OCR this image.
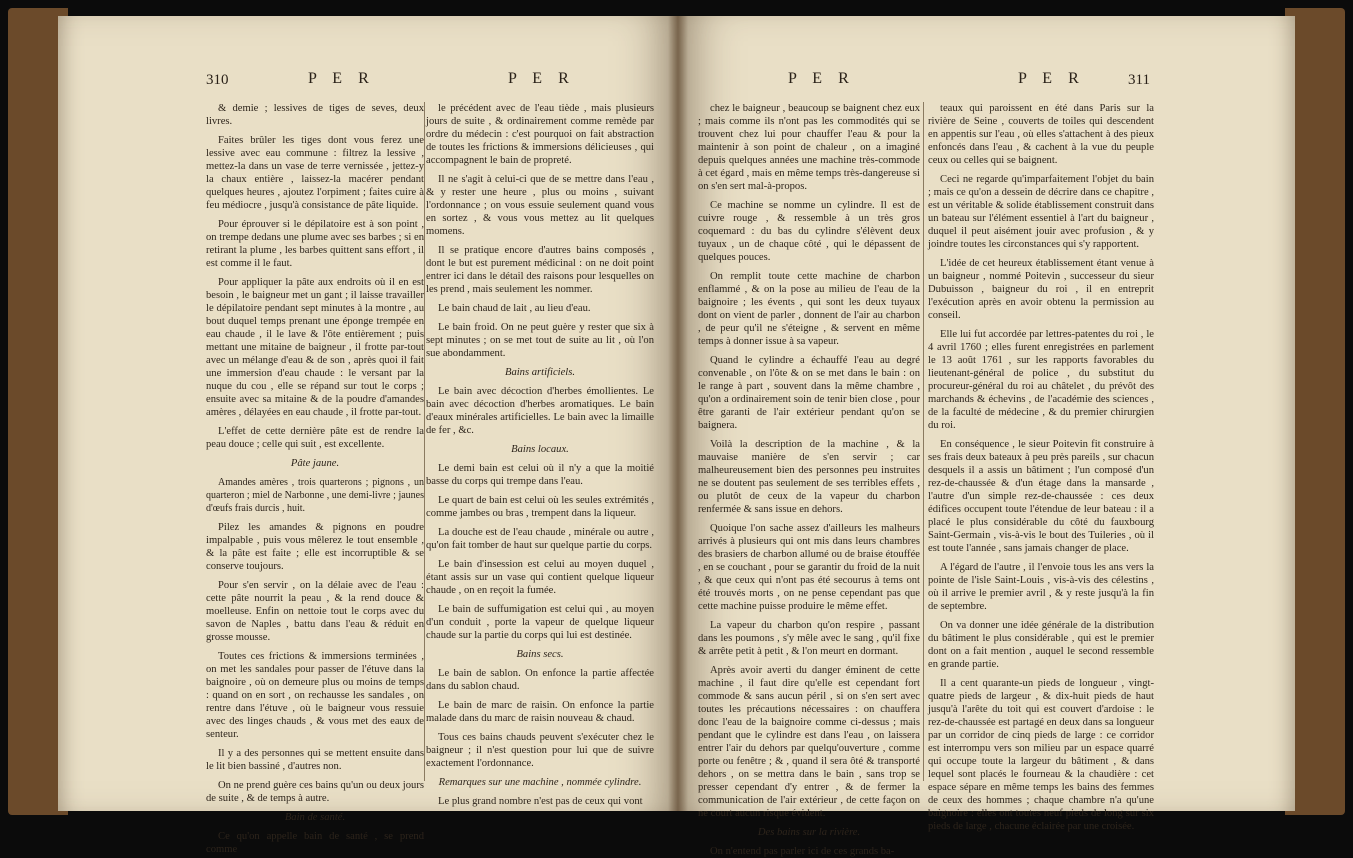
310	P E R	P E R

& demie ; lessives de tiges de seves, deux livres.

Faites brûler les tiges dont vous ferez une lessive avec eau commune : filtrez la lessive , mettez-la dans un vase de terre vernissée , jettez-y la chaux entière , laissez-la macérer pendant quelques heures , ajoutez l'orpiment ; faites cuire à feu médiocre , jusqu'à consistance de pâte liquide.

Pour éprouver si le dépilatoire est à son point , on trempe dedans une plume avec ses barbes ; si en retirant la plume , les barbes quittent sans effort , il est comme il le faut.

Pour appliquer la pâte aux endroits où il en est besoin , le baigneur met un gant ; il laisse travailler le dépilatoire pendant sept minutes à la montre , au bout duquel temps prenant une éponge trempée en eau chaude , il le lave & l'ôte entièrement ; puis mettant une mitaine de baigneur , il frotte par-tout avec un mélange d'eau & de son , après quoi il fait une immersion d'eau chaude : le versant par la nuque du cou , elle se répand sur tout le corps ; ensuite avec sa mitaine & de la poudre d'amandes amères , délayées en eau chaude , il frotte par-tout.

L'effet de cette dernière pâte est de rendre la peau douce ; celle qui suit , est excellente.

Pâte jaune.

Amandes amères , trois quarterons ; pignons , un quarteron ; miel de Narbonne , une demi-livre ; jaunes d'œufs frais durcis , huit.

Pilez les amandes & pignons en poudre impalpable , puis vous mêlerez le tout ensemble , & la pâte est faite ; elle est incorruptible & se conserve toujours.

Pour s'en servir , on la délaie avec de l'eau : cette pâte nourrit la peau , & la rend douce & moelleuse. Enfin on nettoie tout le corps avec du savon de Naples , battu dans l'eau & réduit en grosse mousse.

Toutes ces frictions & immersions terminées , on met les sandales pour passer de l'étuve dans la baignoire , où on demeure plus ou moins de temps : quand on en sort , on rechausse les sandales , on rentre dans l'étuve , où le baigneur vous ressuie avec des linges chauds , & vous met des eaux de senteur.

Il y a des personnes qui se mettent ensuite dans le lit bien bassiné , d'autres non.

On ne prend guère ces bains qu'un ou deux jours de suite , & de temps à autre.

Bain de santé.

Ce qu'on appelle bain de santé , se prend comme

le précédent avec de l'eau tiède , mais plusieurs jours de suite , & ordinairement comme remède par ordre du médecin : c'est pourquoi on fait abstraction de toutes les frictions & immersions délicieuses , qui accompagnent le bain de propreté.

Il ne s'agit à celui-ci que de se mettre dans l'eau , & y rester une heure , plus ou moins , suivant l'ordonnance ; on vous essuie seulement quand vous en sortez , & vous vous mettez au lit quelques momens.

Il se pratique encore d'autres bains composés , dont le but est purement médicinal : on ne doit point entrer ici dans le détail des raisons pour lesquelles on les prend , mais seulement les nommer.

Le bain chaud de lait , au lieu d'eau.

Le bain froid. On ne peut guère y rester que six à sept minutes ; on se met tout de suite au lit , où l'on sue abondamment.

Bains artificiels.

Le bain avec décoction d'herbes émollientes. Le bain avec décoction d'herbes aromatiques. Le bain d'eaux minérales artificielles. Le bain avec la limaille de fer , &c.

Bains locaux.

Le demi bain est celui où il n'y a que la moitié basse du corps qui trempe dans l'eau.

Le quart de bain est celui où les seules extrémités , comme jambes ou bras , trempent dans la liqueur.

La douche est de l'eau chaude , minérale ou autre , qu'on fait tomber de haut sur quelque partie du corps.

Le bain d'insession est celui au moyen duquel , étant assis sur un vase qui contient quelque liqueur chaude , on en reçoit la fumée.

Le bain de suffumigation est celui qui , au moyen d'un conduit , porte la vapeur de quelque liqueur chaude sur la partie du corps qui lui est destinée.

Bains secs.

Le bain de sablon. On enfonce la partie affectée dans du sablon chaud.

Le bain de marc de raisin. On enfonce la partie malade dans du marc de raisin nouveau & chaud.

Tous ces bains chauds peuvent s'exécuter chez le baigneur ; il n'est question pour lui que de suivre exactement l'ordonnance.

Remarques sur une machine , nommée cylindre.

Le plus grand nombre n'est pas de ceux qui vont

P E R	P E R	311

chez le baigneur , beaucoup se baignent chez eux ; mais comme ils n'ont pas les commodités qui se trouvent chez lui pour chauffer l'eau & pour la maintenir à son point de chaleur , on a imaginé depuis quelques années une machine très-commode à cet égard , mais en même temps très-dangereuse si on s'en sert mal-à-propos.

Ce machine se nomme un cylindre. Il est de cuivre rouge , & ressemble à un très gros coquemard : du bas du cylindre s'élèvent deux tuyaux , un de chaque côté , qui le dépassent de quelques pouces.

On remplit toute cette machine de charbon enflammé , & on la pose au milieu de l'eau de la baignoire ; les évents , qui sont les deux tuyaux dont on vient de parler , donnent de l'air au charbon , de peur qu'il ne s'éteigne , & servent en même temps à donner issue à sa vapeur.

Quand le cylindre a échauffé l'eau au degré convenable , on l'ôte & on se met dans le bain : on le range à part , souvent dans la même chambre , qu'on a ordinairement soin de tenir bien close , pour être garanti de l'air extérieur pendant qu'on se baignera.

Voilà la description de la machine , & la mauvaise manière de s'en servir ; car malheureusement bien des personnes peu instruites ne se doutent pas seulement de ses terribles effets , ou plutôt de ceux de la vapeur du charbon renfermée & sans issue en dehors.

Quoique l'on sache assez d'ailleurs les malheurs arrivés à plusieurs qui ont mis dans leurs chambres des brasiers de charbon allumé ou de braise étouffée , en se couchant , pour se garantir du froid de la nuit , & que ceux qui n'ont pas été secourus à tems ont été trouvés morts , on ne pense cependant pas que cette machine puisse produire le même effet.

La vapeur du charbon qu'on respire , passant dans les poumons , s'y mêle avec le sang , qu'il fixe & arrête petit à petit , & l'on meurt en dormant.

Après avoir averti du danger éminent de cette machine , il faut dire qu'elle est cependant fort commode & sans aucun péril , si on s'en sert avec toutes les précautions nécessaires : on chauffera donc l'eau de la baignoire comme ci-dessus ; mais pendant que le cylindre est dans l'eau , on laissera entrer l'air du dehors par quelqu'ouverture , comme porte ou fenêtre ; & , quand il sera ôté & transporté dehors , on se mettra dans le bain , sans trop se presser cependant d'y entrer , & de fermer la communication de l'air extérieur , de cette façon on ne court aucun risque évident.

Des bains sur la rivière.

On n'entend pas parler ici de ces grands ba-

teaux qui paroissent en été dans Paris sur la rivière de Seine , couverts de toiles qui descendent en appentis sur l'eau , où elles s'attachent à des pieux enfoncés dans l'eau , & cachent à la vue du peuple ceux ou celles qui se baignent.

Ceci ne regarde qu'imparfaitement l'objet du bain ; mais ce qu'on a dessein de décrire dans ce chapitre , est un véritable & solide établissement construit dans un bateau sur l'élément essentiel à l'art du baigneur , duquel il peut aisément jouir avec profusion , & y joindre toutes les circonstances qui s'y rapportent.

L'idée de cet heureux établissement étant venue à un baigneur , nommé Poitevin , successeur du sieur Dubuisson , baigneur du roi , il en entreprit l'exécution après en avoir obtenu la permission au conseil.

Elle lui fut accordée par lettres-patentes du roi , le 4 avril 1760 ; elles furent enregistrées en parlement le 13 août 1761 , sur les rapports favorables du lieutenant-général de police , du substitut du procureur-général du roi au châtelet , du prévôt des marchands & échevins , de l'académie des sciences , de la faculté de médecine , & du premier chirurgien du roi.

En conséquence , le sieur Poitevin fit construire à ses frais deux bateaux à peu près pareils , sur chacun desquels il a assis un bâtiment ; l'un composé d'un rez-de-chaussée & d'un étage dans la mansarde , l'autre d'un simple rez-de-chaussée : ces deux édifices occupent toute l'étendue de leur bateau : il a placé le plus considérable du côté du fauxbourg Saint-Germain , vis-à-vis le bout des Tuileries , où il est toute l'année , sans jamais changer de place.

A l'égard de l'autre , il l'envoie tous les ans vers la pointe de l'isle Saint-Louis , vis-à-vis des célestins , où il arrive le premier avril , & y reste jusqu'à la fin de septembre.

On va donner une idée générale de la distribution du bâtiment le plus considérable , qui est le premier dont on a fait mention , auquel le second ressemble en grande partie.

Il a cent quarante-un pieds de longueur , vingt-quatre pieds de largeur , & dix-huit pieds de haut jusqu'à l'arête du toit qui est couvert d'ardoise : le rez-de-chaussée est partagé en deux dans sa longueur par un corridor de cinq pieds de large : ce corridor est interrompu vers son milieu par un espace quarré qui occupe toute la largeur du bâtiment , & dans lequel sont placés le fourneau & la chaudière : cet espace sépare en même temps les bains des femmes de ceux des hommes ; chaque chambre n'a qu'une baignoire : elles ont toutes neuf pieds de long sur six pieds de large , chacune éclairée par une croisée.
